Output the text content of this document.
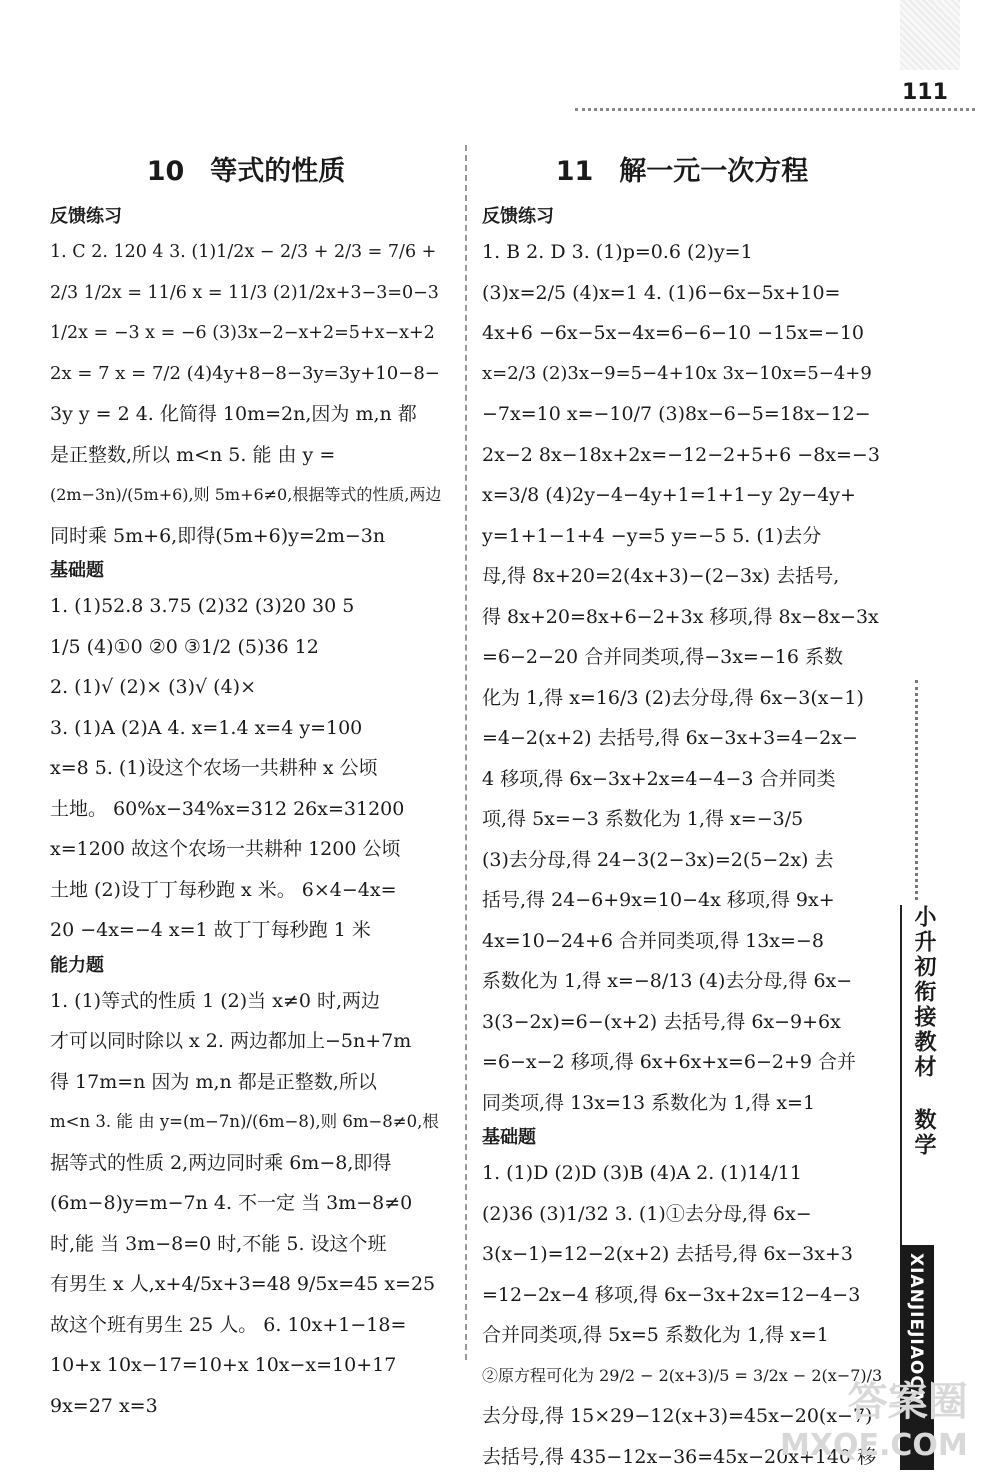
111
10 等式的性质
反馈练习
1. C 2. 120 4 3. (1)1/2x − 2/3 + 2/3 = 7/6 +
2/3 1/2x = 11/6 x = 11/3 (2)1/2x+3−3=0−3
1/2x = −3 x = −6 (3)3x−2−x+2=5+x−x+2
2x = 7 x = 7/2 (4)4y+8−8−3y=3y+10−8−
3y y = 2 4. 化简得 10m=2n,因为 m,n 都
是正整数,所以 m<n 5. 能 由 y =
(2m−3n)/(5m+6),则 5m+6≠0,根据等式的性质,两边
同时乘 5m+6,即得(5m+6)y=2m−3n
基础题
1. (1)52.8 3.75 (2)32 (3)20 30 5
1/5 (4)①0 ②0 ③1/2 (5)36 12
2. (1)√ (2)× (3)√ (4)×
3. (1)A (2)A 4. x=1.4 x=4 y=100
x=8 5. (1)设这个农场一共耕种 x 公顷
土地。 60%x−34%x=312 26x=31200
x=1200 故这个农场一共耕种 1200 公顷
土地 (2)设丁丁每秒跑 x 米。 6×4−4x=
20 −4x=−4 x=1 故丁丁每秒跑 1 米
能力题
1. (1)等式的性质 1 (2)当 x≠0 时,两边
才可以同时除以 x 2. 两边都加上−5n+7m
得 17m=n 因为 m,n 都是正整数,所以
m<n 3. 能 由 y=(m−7n)/(6m−8),则 6m−8≠0,根
据等式的性质 2,两边同时乘 6m−8,即得
(6m−8)y=m−7n 4. 不一定 当 3m−8≠0
时,能 当 3m−8=0 时,不能 5. 设这个班
有男生 x 人,x+4/5x+3=48 9/5x=45 x=25
故这个班有男生 25 人。 6. 10x+1−18=
10+x 10x−17=10+x 10x−x=10+17
9x=27 x=3
11 解一元一次方程
反馈练习
1. B 2. D 3. (1)p=0.6 (2)y=1
(3)x=2/5 (4)x=1 4. (1)6−6x−5x+10=
4x+6 −6x−5x−4x=6−6−10 −15x=−10
x=2/3 (2)3x−9=5−4+10x 3x−10x=5−4+9
−7x=10 x=−10/7 (3)8x−6−5=18x−12−
2x−2 8x−18x+2x=−12−2+5+6 −8x=−3
x=3/8 (4)2y−4−4y+1=1+1−y 2y−4y+
y=1+1−1+4 −y=5 y=−5 5. (1)去分
母,得 8x+20=2(4x+3)−(2−3x) 去括号,
得 8x+20=8x+6−2+3x 移项,得 8x−8x−3x
=6−2−20 合并同类项,得−3x=−16 系数
化为 1,得 x=16/3 (2)去分母,得 6x−3(x−1)
=4−2(x+2) 去括号,得 6x−3x+3=4−2x−
4 移项,得 6x−3x+2x=4−4−3 合并同类
项,得 5x=−3 系数化为 1,得 x=−3/5
(3)去分母,得 24−3(2−3x)=2(5−2x) 去
括号,得 24−6+9x=10−4x 移项,得 9x+
4x=10−24+6 合并同类项,得 13x=−8
系数化为 1,得 x=−8/13 (4)去分母,得 6x−
3(3−2x)=6−(x+2) 去括号,得 6x−9+6x
=6−x−2 移项,得 6x+6x+x=6−2+9 合并
同类项,得 13x=13 系数化为 1,得 x=1
基础题
1. (1)D (2)D (3)B (4)A 2. (1)14/11
(2)36 (3)1/32 3. (1)①去分母,得 6x−
3(x−1)=12−2(x+2) 去括号,得 6x−3x+3
=12−2x−4 移项,得 6x−3x+2x=12−4−3
合并同类项,得 5x=5 系数化为 1,得 x=1
②原方程可化为 29/2 − 2(x+3)/5 = 3/2x − 2(x−7)/3
去分母,得 15×29−12(x+3)=45x−20(x−7)
去括号,得 435−12x−36=45x−20x+140 移
小升初衔接教材 数学
XIANJIEJIAOCAI
答案圈
MXQE.COM
